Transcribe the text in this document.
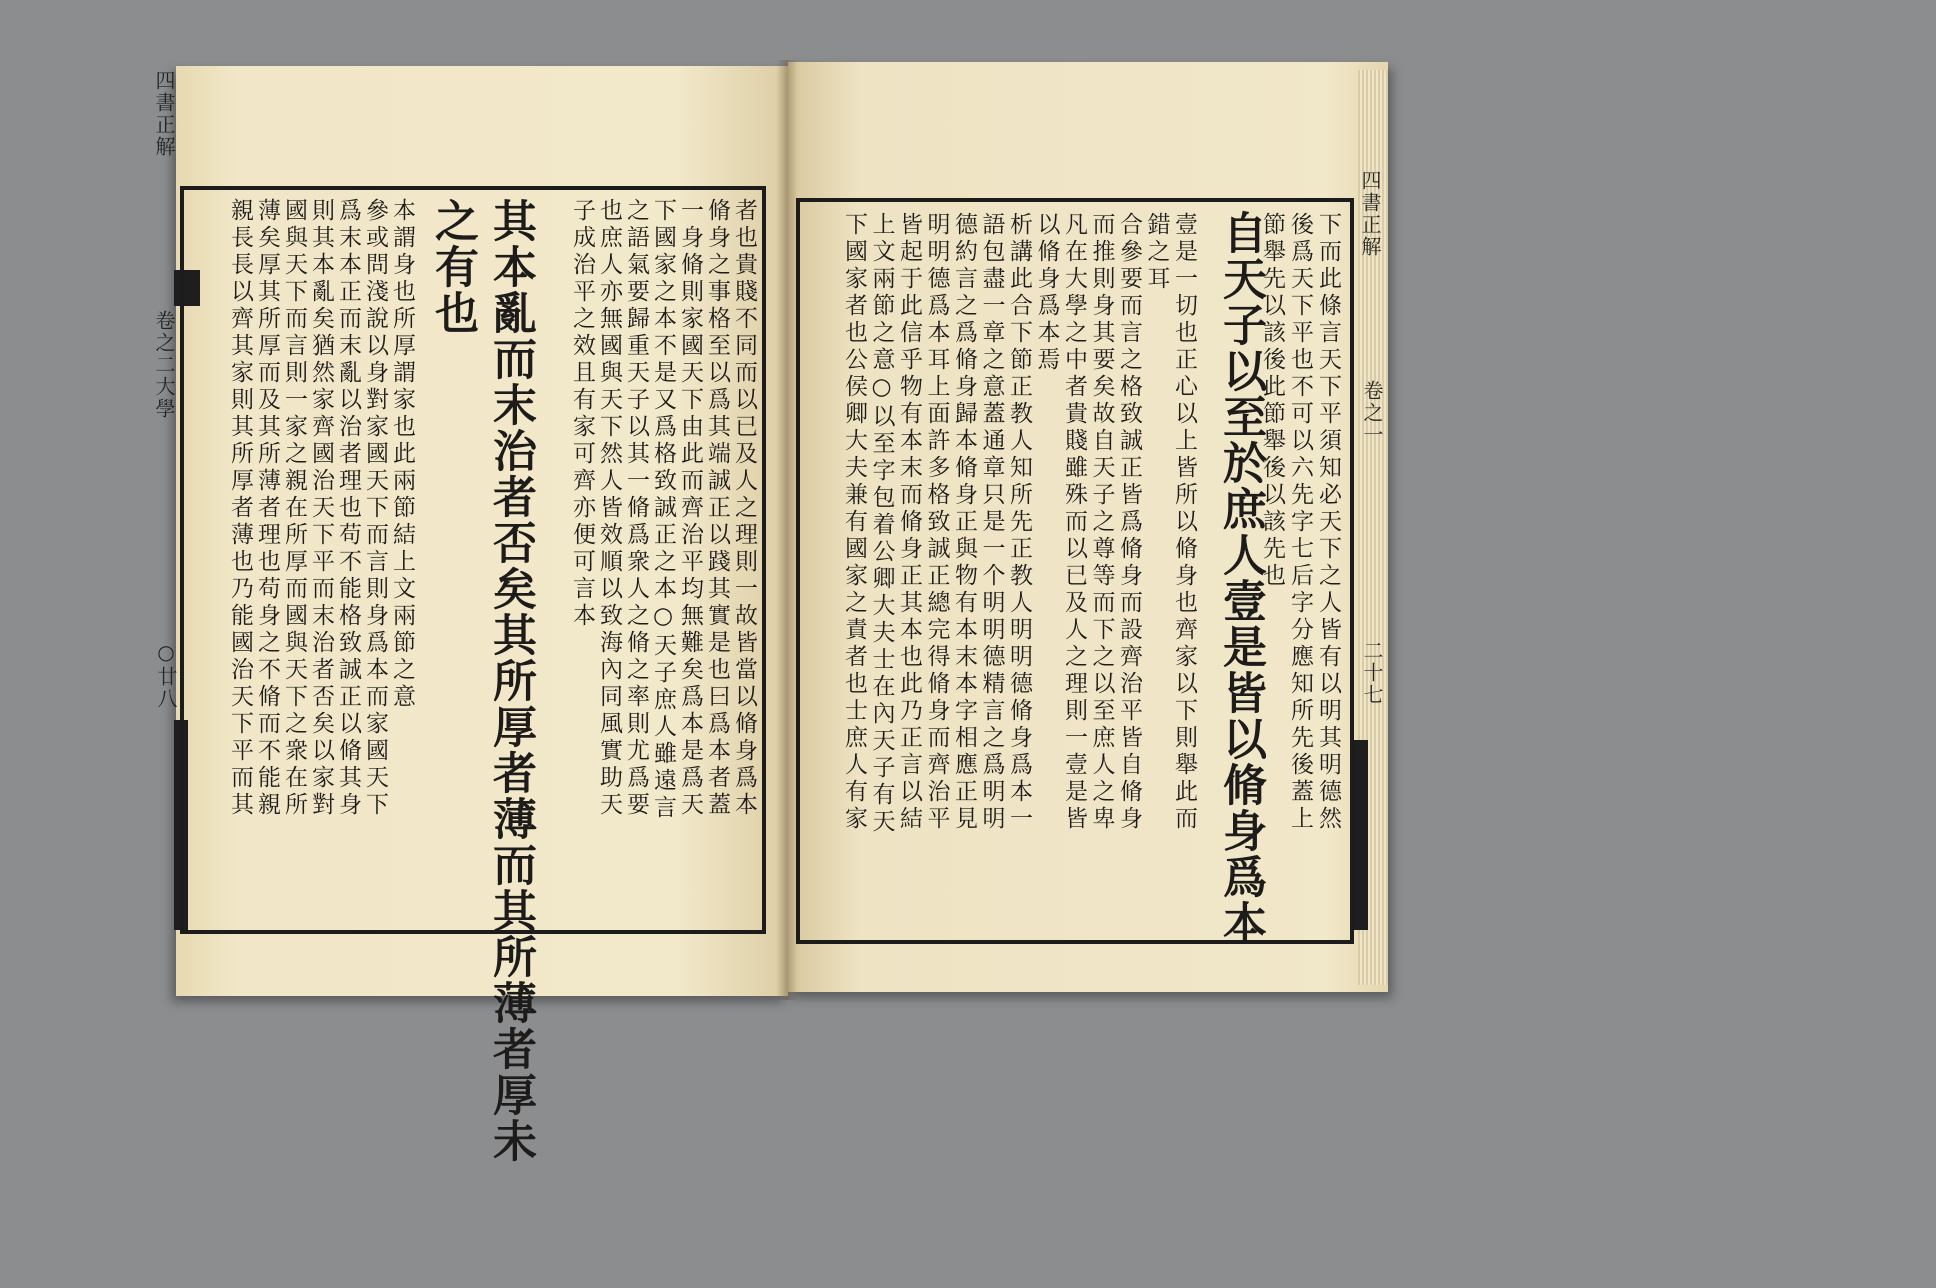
四書正解
卷之二大學
○廿八
四書正解
卷之一
二十七
者也貴賤不同而以已及人之理則一故皆當以脩身爲本
脩身之事格至以爲其端誠正以踐其實是也曰爲本者蓋
一身脩則家國天下由此而齊治平均無難矣爲本是爲天
下國家之本不是又爲格致誠正之本○天子庶人雖遠言
之語氣要歸重天子以其一脩爲衆人之脩之率則尤爲要
也庶人亦無國與天下然人皆效順以致海內同風實助天
子成治平之效且有家可齊亦便可言本
其本亂而末治者否矣其所厚者薄而其所薄者厚未
之有也
本謂身也所厚謂家也此兩節結上文兩節之意
參或問淺說以身對家國天下而言則身爲本而家國天下
爲末本正而末亂以治者理也苟不能格致誠正以脩其身
則其本亂矣猶然家齊國治天下平而末治者否矣以家對
國與天下而言則一家之親在所厚而國與天下之衆在所
薄矣厚其所厚而及其所薄者理也苟身之不脩而不能親
親長長以齊其家則其所厚者薄也乃能國治天下平而其	自天子以至於庶人壹是皆以脩身爲本 下而此條言天下平須知必天下之人皆有以明其明德然
後爲天下平也不可以六先字七后字分應知所先後蓋上
節舉先以該後此節舉後以該先也
壹是一切也正心以上皆所以脩身也齊家以下則舉此而
錯之耳
合參要而言之格致誠正皆爲脩身而設齊治平皆自脩身
而推則身其要矣故自天子之尊等而下之以至庶人之卑
凡在大學之中者貴賤雖殊而以已及人之理則一壹是皆
以脩身爲本焉
析講此合下節正教人知所先正教人明明德脩身爲本一
語包盡一章之意蓋通章只是一个明明德精言之爲明明
德約言之爲脩身歸本脩身正與物有本末本字相應正見
明明德爲本耳上面許多格致誠正總完得脩身而齊治平
皆起于此信乎物有本末而脩身正其本也此乃正言以結
上文兩節之意○以至字包着公卿大夫士在內天子有天
下國家者也公侯卿大夫兼有國家之責者也士庶人有家
